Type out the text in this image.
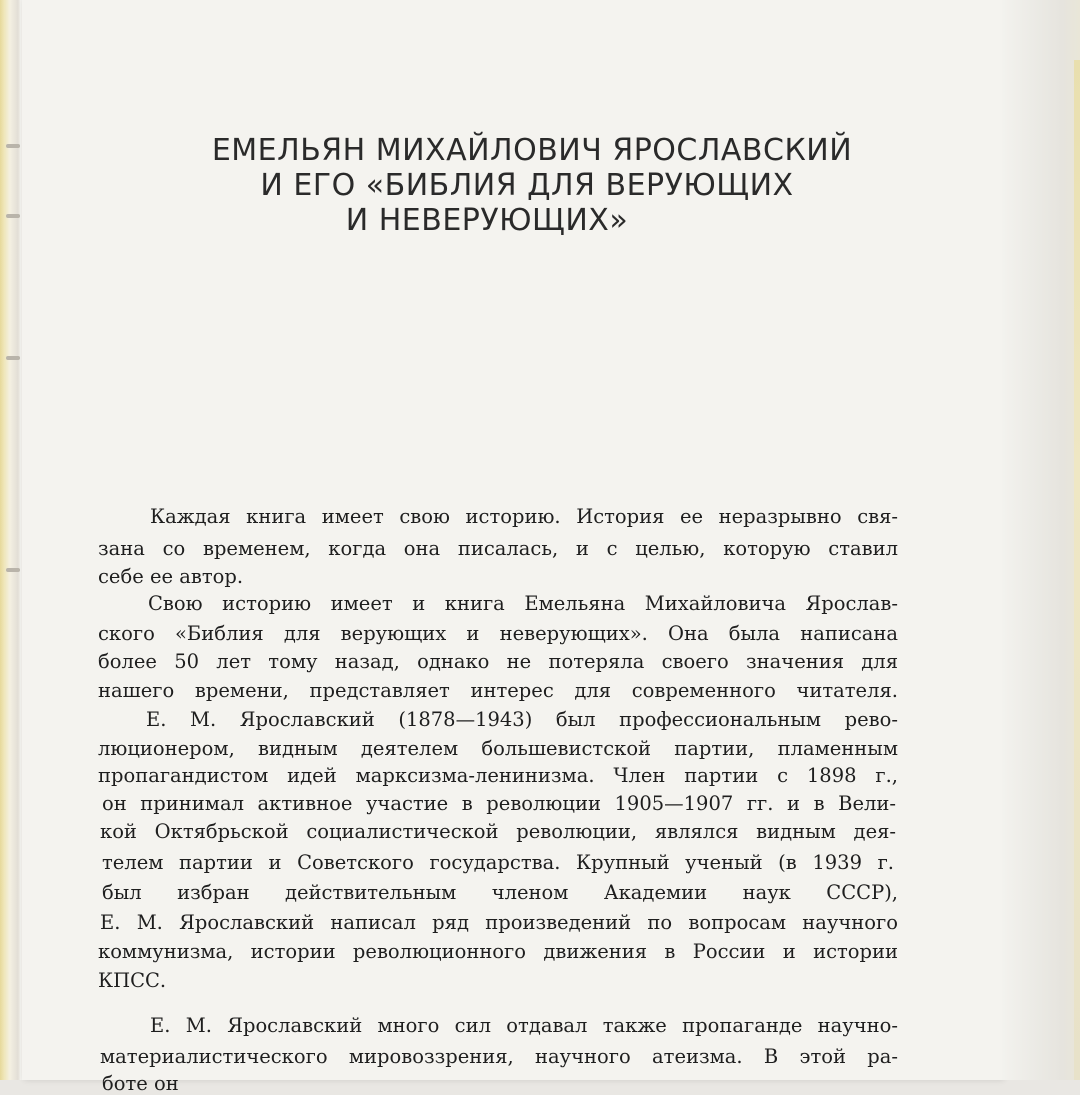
ЕМЕЛЬЯН МИХАЙЛОВИЧ ЯРОСЛАВСКИЙ
И ЕГО «БИБЛИЯ ДЛЯ ВЕРУЮЩИХ
И НЕВЕРУЮЩИХ»
Каждая книга имеет свою историю. История ее неразрывно свя-
зана со временем, когда она писалась, и с целью, которую ставил
себе ее автор.
Свою историю имеет и книга Емельяна Михайловича Ярослав-
ского «Библия для верующих и неверующих». Она была написана
более 50 лет тому назад, однако не потеряла своего значения для
нашего времени, представляет интерес для современного читателя.
Е. М. Ярославский (1878—1943) был профессиональным рево-
люционером, видным деятелем большевистской партии, пламенным
пропагандистом идей марксизма-ленинизма. Член партии с 1898 г.,
он принимал активное участие в революции 1905—1907 гг. и в Вели-
кой Октябрьской социалистической революции, являлся видным дея-
телем партии и Советского государства. Крупный ученый (в 1939 г.
был избран действительным членом Академии наук СССР),
Е. М. Ярославский написал ряд произведений по вопросам научного
коммунизма, истории революционного движения в России и истории
КПСС.
Е. М. Ярославский много сил отдавал также пропаганде научно-
материалистического мировоззрения, научного атеизма. В этой ра-
боте он
